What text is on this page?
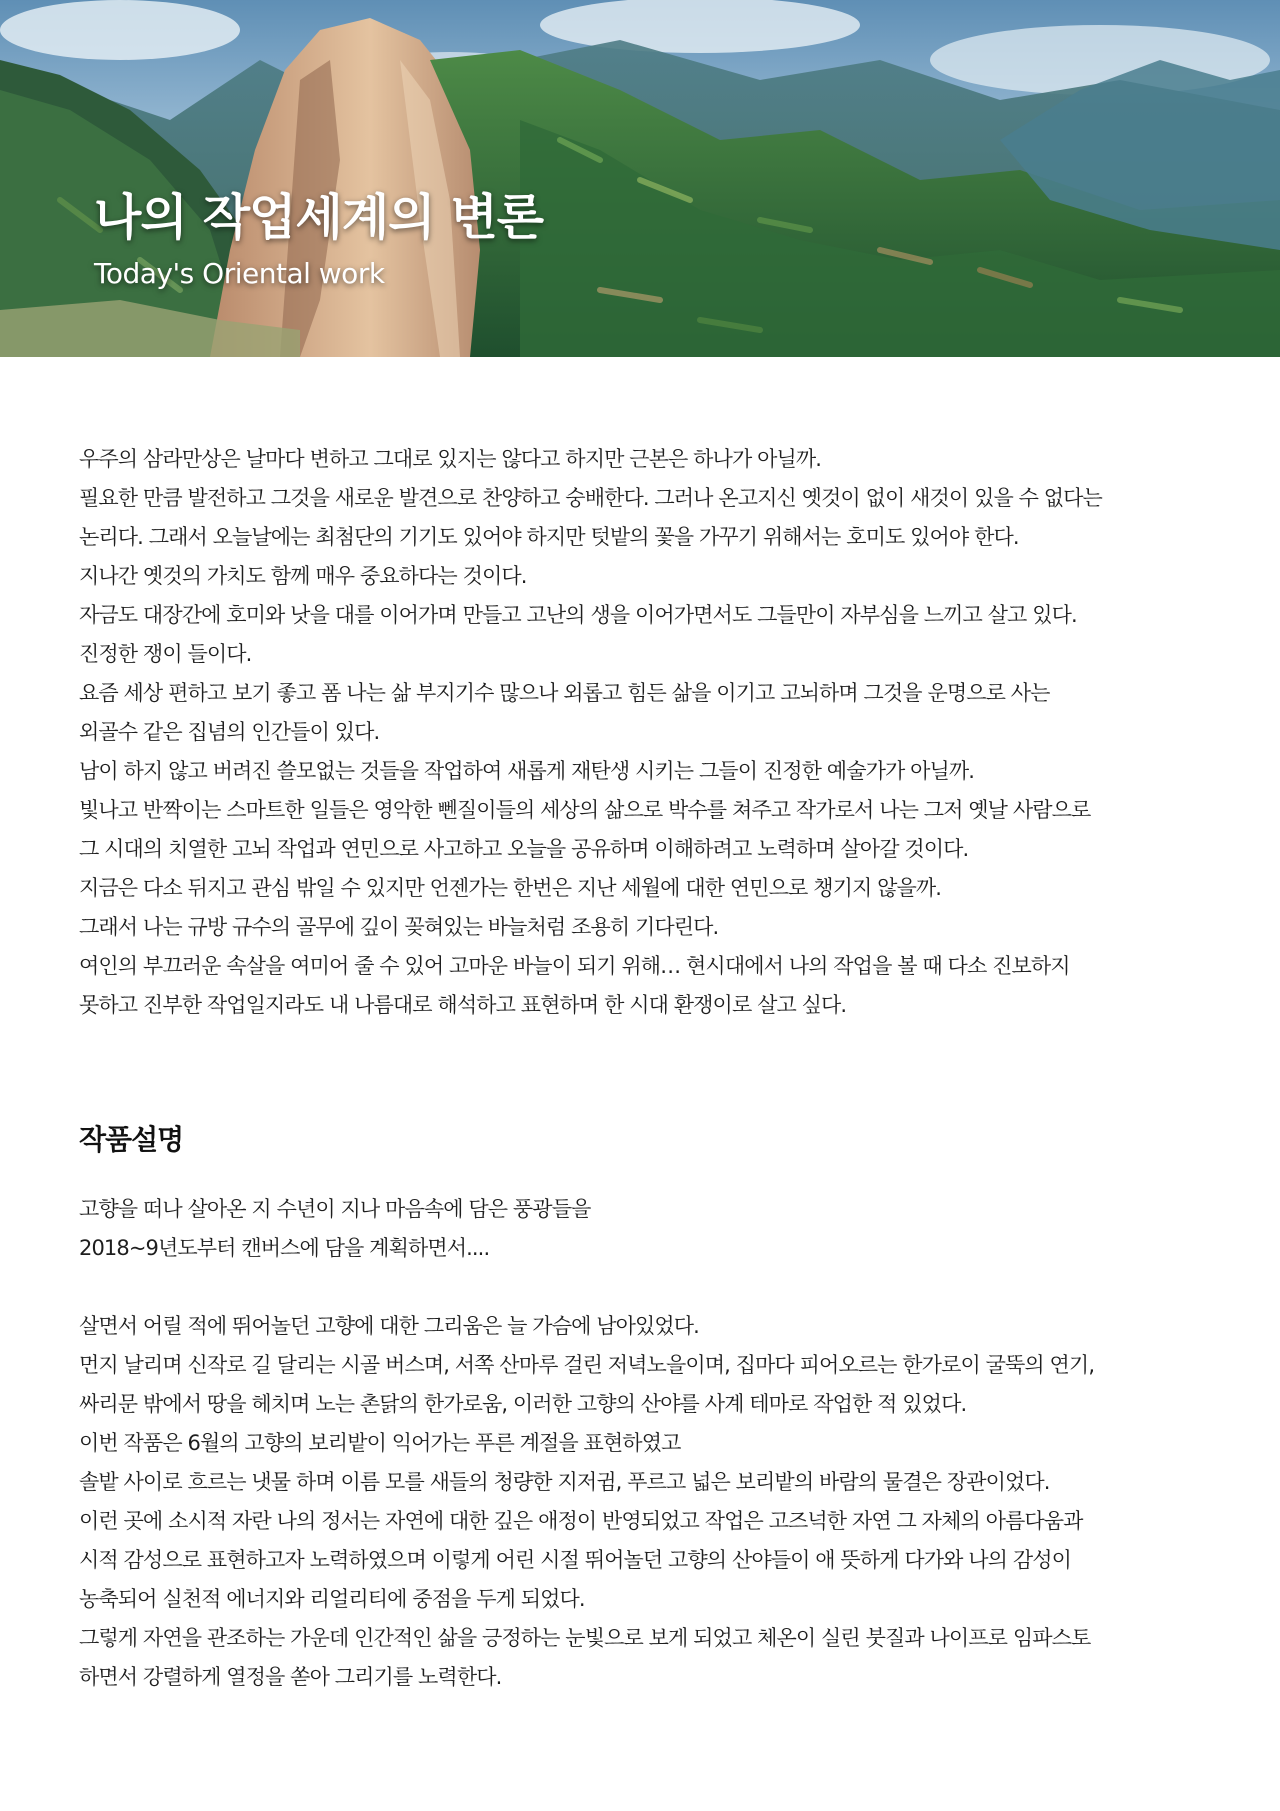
나의 작업세계의 변론
Today's Oriental work

우주의 삼라만상은 날마다 변하고 그대로 있지는 않다고 하지만 근본은 하나가 아닐까.

필요한 만큼 발전하고 그것을 새로운 발견으로 찬양하고 숭배한다. 그러나 온고지신 옛것이 없이 새것이 있을 수 없다는

논리다. 그래서 오늘날에는 최첨단의 기기도 있어야 하지만 텃밭의 꽃을 가꾸기 위해서는 호미도 있어야 한다.

지나간 옛것의 가치도 함께 매우 중요하다는 것이다.

자금도 대장간에 호미와 낫을 대를 이어가며 만들고 고난의 생을 이어가면서도 그들만이 자부심을 느끼고 살고 있다.

진정한 쟁이 들이다.

요즘 세상 편하고 보기 좋고 폼 나는 삶 부지기수 많으나 외롭고 힘든 삶을 이기고 고뇌하며 그것을 운명으로 사는

외골수 같은 집념의 인간들이 있다.

남이 하지 않고 버려진 쓸모없는 것들을 작업하여 새롭게 재탄생 시키는 그들이 진정한 예술가가 아닐까.

빛나고 반짝이는 스마트한 일들은 영악한 뻰질이들의 세상의 삶으로 박수를 쳐주고 작가로서 나는 그저 옛날 사람으로

그 시대의 치열한 고뇌 작업과 연민으로 사고하고 오늘을 공유하며 이해하려고 노력하며 살아갈 것이다.

지금은 다소 뒤지고 관심 밖일 수 있지만 언젠가는 한번은 지난 세월에 대한 연민으로 챙기지 않을까.

그래서 나는 규방 규수의 골무에 깊이 꽂혀있는 바늘처럼 조용히 기다린다.

여인의 부끄러운 속살을 여미어 줄 수 있어 고마운 바늘이 되기 위해… 현시대에서 나의 작업을 볼 때 다소 진보하지

못하고 진부한 작업일지라도 내 나름대로 해석하고 표현하며 한 시대 환쟁이로 살고 싶다.

작품설명

고향을 떠나 살아온 지 수년이 지나 마음속에 담은 풍광들을

2018~9년도부터 캔버스에 담을 계획하면서....

살면서 어릴 적에 뛰어놀던 고향에 대한 그리움은 늘 가슴에 남아있었다.

먼지 날리며 신작로 길 달리는 시골 버스며, 서쪽 산마루 걸린 저녁노을이며, 집마다 피어오르는 한가로이 굴뚝의 연기,

싸리문 밖에서 땅을 헤치며 노는 촌닭의 한가로움, 이러한 고향의 산야를 사계 테마로 작업한 적 있었다.

이번 작품은 6월의 고향의 보리밭이 익어가는 푸른 계절을 표현하였고

솔밭 사이로 흐르는 냇물 하며 이름 모를 새들의 청량한 지저귐, 푸르고 넓은 보리밭의 바람의 물결은 장관이었다.

이런 곳에 소시적 자란 나의 정서는 자연에 대한 깊은 애정이 반영되었고 작업은 고즈넉한 자연 그 자체의 아름다움과

시적 감성으로 표현하고자 노력하였으며 이렇게 어린 시절 뛰어놀던 고향의 산야들이 애 뜻하게 다가와 나의 감성이

농축되어 실천적 에너지와 리얼리티에 중점을 두게 되었다.

그렇게 자연을 관조하는 가운데 인간적인 삶을 긍정하는 눈빛으로 보게 되었고 체온이 실린 붓질과 나이프로 임파스토

하면서 강렬하게 열정을 쏟아 그리기를 노력한다.
